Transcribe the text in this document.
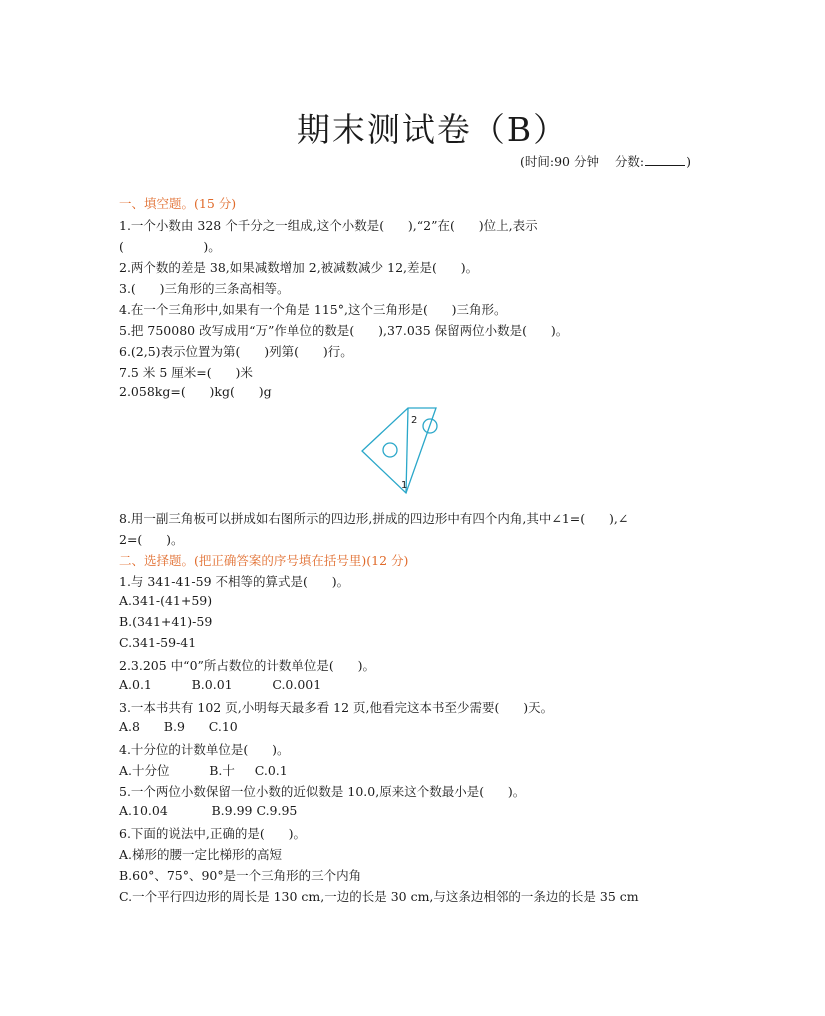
期末测试卷（B）
(时间:90 分钟 分数:	)
一、填空题。(15 分)
1.一个小数由 328 个千分之一组成,这个小数是(      ),“2”在(      )位上,表示
(                    )。
2.两个数的差是 38,如果减数增加 2,被减数减少 12,差是(      )。
3.(      )三角形的三条高相等。
4.在一个三角形中,如果有一个角是 115°,这个三角形是(      )三角形。
5.把 750080 改写成用“万”作单位的数是(      ),37.035 保留两位小数是(      )。
6.(2,5)表示位置为第(      )列第(      )行。
7.5 米 5 厘米=(      )米
2.058kg=(      )kg(      )g
2
1
8.用一副三角板可以拼成如右图所示的四边形,拼成的四边形中有四个内角,其中∠1=(      ),∠
2=(      )。
二、选择题。(把正确答案的序号填在括号里)(12 分)
1.与 341-41-59 不相等的算式是(      )。
A.341-(41+59)
B.(341+41)-59
C.341-59-41
2.3.205 中“0”所占数位的计数单位是(      )。
A.0.1          B.0.01          C.0.001
3.一本书共有 102 页,小明每天最多看 12 页,他看完这本书至少需要(      )天。
A.8      B.9      C.10
4.十分位的计数单位是(      )。
A.十分位          B.十     C.0.1
5.一个两位小数保留一位小数的近似数是 10.0,原来这个数最小是(      )。
A.10.04           B.9.99 C.9.95
6.下面的说法中,正确的是(      )。
A.梯形的腰一定比梯形的高短
B.60°、75°、90°是一个三角形的三个内角
C.一个平行四边形的周长是 130 cm,一边的长是 30 cm,与这条边相邻的一条边的长是 35 cm
